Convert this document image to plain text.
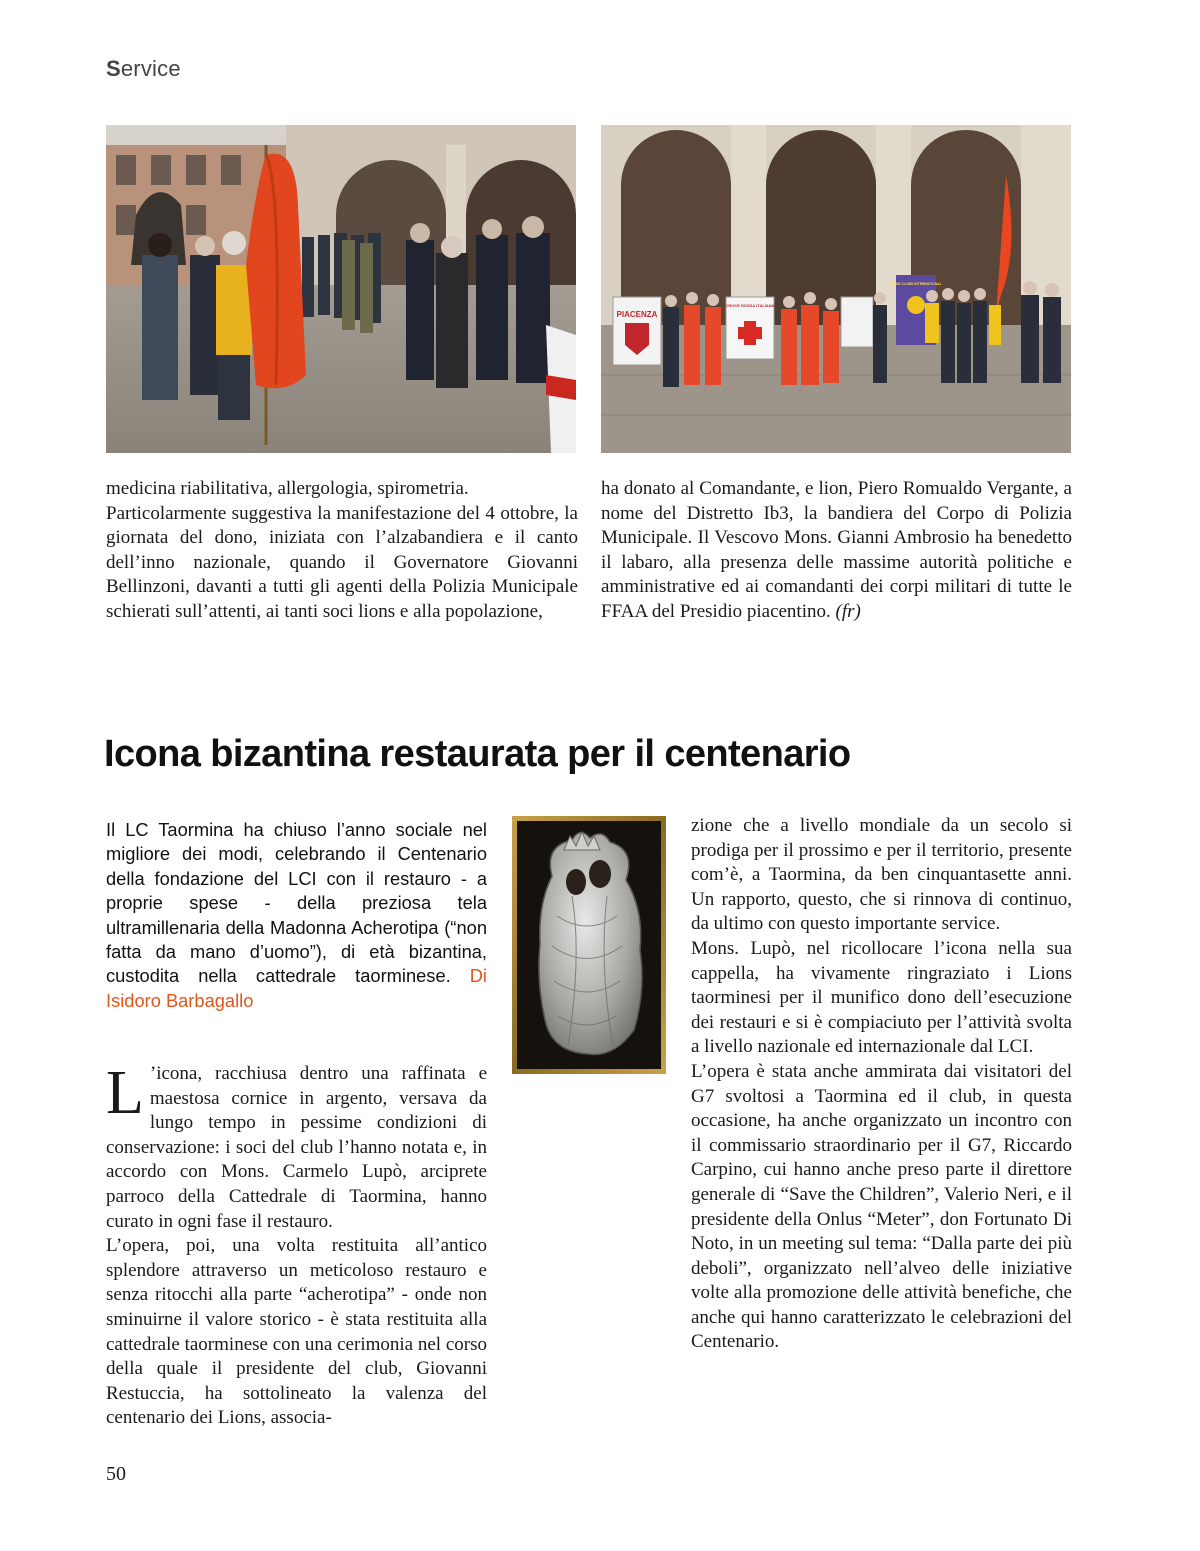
Service
PIACENZA
CROCE ROSSA ITALIANA
LIONS CLUBS INTERNATIONAL

medicina riabilitativa, allergologia, spirometria.

Particolarmente suggestiva la manifestazione del 4 ottobre, la giornata del dono, iniziata con l’alzabandiera e il canto dell’inno nazionale, quando il Governatore Giovanni Bellinzoni, davanti a tutti gli agenti della Polizia Municipale schierati sull’attenti, ai tanti soci lions e alla popolazione,

ha donato al Comandante, e lion, Piero Romualdo Vergante, a nome del Distretto Ib3, la bandiera del Corpo di Polizia Municipale. Il Vescovo Mons. Gianni Ambrosio ha benedetto il labaro, alla presenza delle massime autorità politiche e amministrative ed ai comandanti dei corpi militari di tutte le FFAA del Presidio piacentino. (fr)

Icona bizantina restaurata per il centenario
Il LC Taormina ha chiuso l’anno sociale nel migliore dei modi, celebrando il Centenario della fondazione del LCI con il restauro - a proprie spese - della preziosa tela ultramillenaria della Madonna Acherotipa (“non fatta da mano d’uomo”), di età bizantina, custodita nella cattedrale taorminese. Di Isidoro Barbagallo

L ’icona, racchiusa dentro una raffinata e maestosa cornice in argento, versava da lungo tempo in pessime condizioni di conservazione: i soci del club l’hanno notata e, in accordo con Mons. Carmelo Lupò, arciprete parroco della Cattedrale di Taormina, hanno curato in ogni fase il restauro.

L’opera, poi, una volta restituita all’antico splendore attraverso un meticoloso restauro e senza ritocchi alla parte “acherotipa” - onde non sminuirne il valore storico - è stata restituita alla cattedrale taorminese con una cerimonia nel corso della quale il presidente del club, Giovanni Restuccia, ha sottolineato la valenza del centenario dei Lions, associa-

zione che a livello mondiale da un secolo si prodiga per il prossimo e per il territorio, presente com’è, a Taormina, da ben cinquantasette anni. Un rapporto, questo, che si rinnova di continuo, da ultimo con questo importante service.

Mons. Lupò, nel ricollocare l’icona nella sua cappella, ha vivamente ringraziato i Lions taorminesi per il munifico dono dell’esecuzione dei restauri e si è compiaciuto per l’attività svolta a livello nazionale ed internazionale dal LCI.

L’opera è stata anche ammirata dai visitatori del G7 svoltosi a Taormina ed il club, in questa occasione, ha anche organizzato un incontro con il commissario straordinario per il G7, Riccardo Carpino, cui hanno anche preso parte il direttore generale di “Save the Children”, Valerio Neri, e il presidente della Onlus “Meter”, don Fortunato Di Noto, in un meeting sul tema: “Dalla parte dei più deboli”, organizzato nell’alveo delle iniziative volte alla promozione delle attività benefiche, che anche qui hanno caratterizzato le celebrazioni del Centenario.

50
